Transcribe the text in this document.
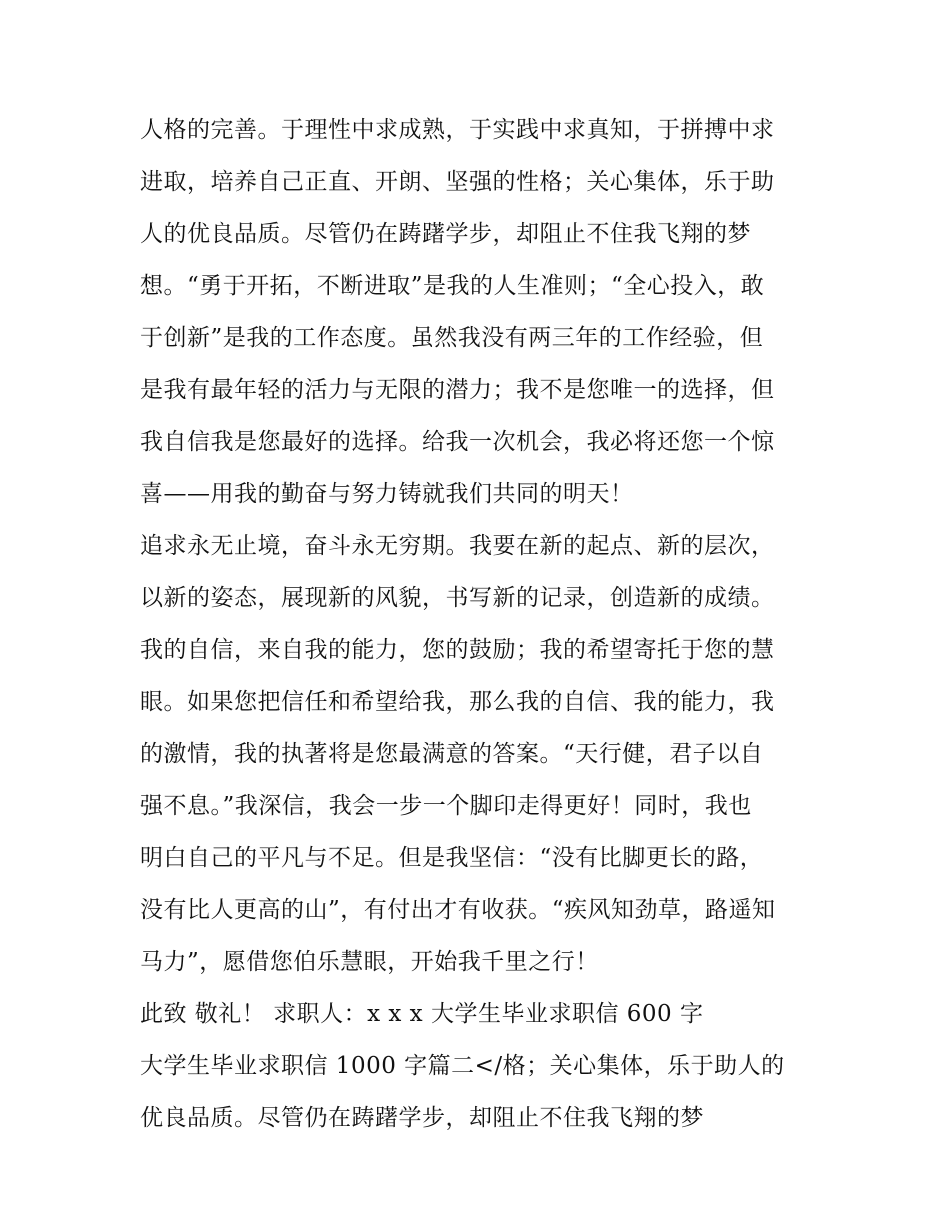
人格的完善。于理性中求成熟，于实践中求真知，于拼搏中求
进取，培养自己正直、开朗、坚强的性格；关心集体，乐于助
人的优良品质。尽管仍在踌躇学步，却阻止不住我飞翔的梦
想。“勇于开拓，不断进取”是我的人生准则；“全心投入，敢
于创新”是我的工作态度。虽然我没有两三年的工作经验，但
是我有最年轻的活力与无限的潜力；我不是您唯一的选择，但
我自信我是您最好的选择。给我一次机会，我必将还您一个惊
喜——用我的勤奋与努力铸就我们共同的明天！
追求永无止境，奋斗永无穷期。我要在新的起点、新的层次，
以新的姿态，展现新的风貌，书写新的记录，创造新的成绩。
我的自信，来自我的能力，您的鼓励；我的希望寄托于您的慧
眼。如果您把信任和希望给我，那么我的自信、我的能力，我
的激情，我的执著将是您最满意的答案。“天行健，君子以自
强不息。”我深信，我会一步一个脚印走得更好！同时，我也
明白自己的平凡与不足。但是我坚信：“没有比脚更长的路，
没有比人更高的山”，有付出才有收获。“疾风知劲草，路遥知
马力”，愿借您伯乐慧眼，开始我千里之行！
此致 敬礼！ 求职人：x x x 大学生毕业求职信 600 字
大学生毕业求职信 1000 字篇二</格；关心集体，乐于助人的
优良品质。尽管仍在踌躇学步，却阻止不住我飞翔的梦
